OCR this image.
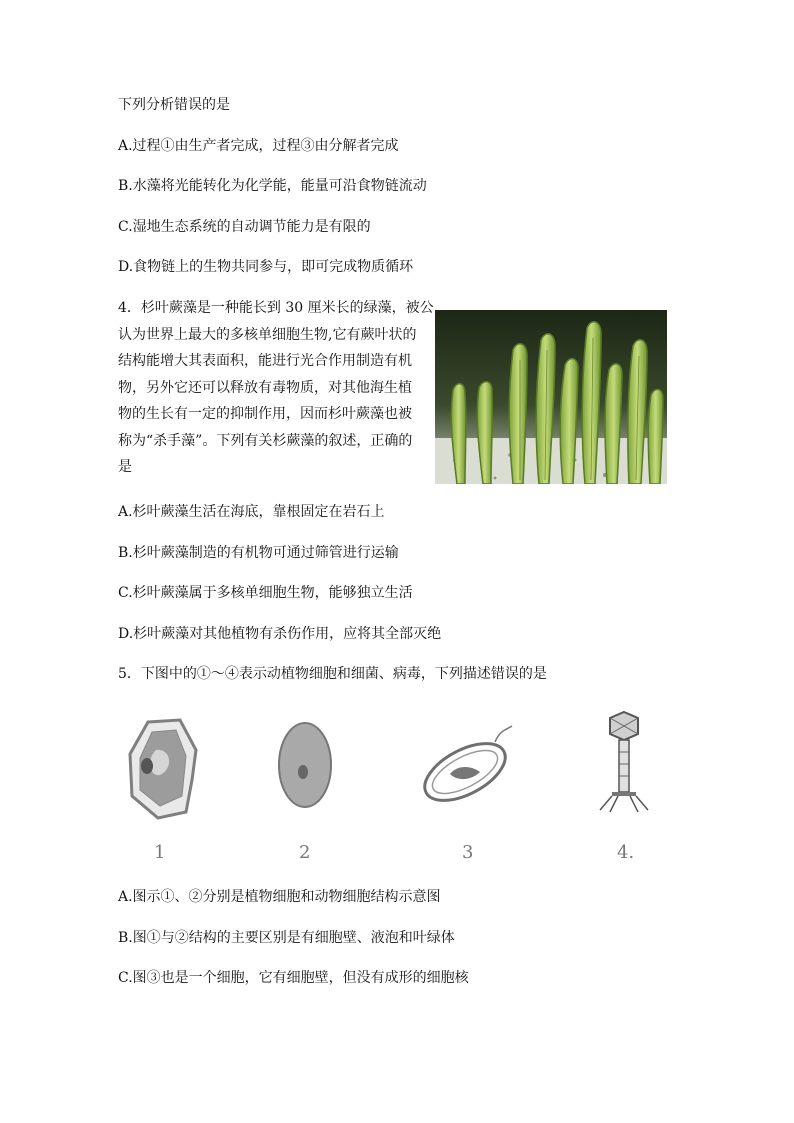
下列分析错误的是
A.过程①由生产者完成，过程③由分解者完成
B.水藻将光能转化为化学能，能量可沿食物链流动
C.湿地生态系统的自动调节能力是有限的
D.食物链上的生物共同参与，即可完成物质循环
4．杉叶蕨藻是一种能长到 30 厘米长的绿藻，被公
认为世界上最大的多核单细胞生物,它有蕨叶状的
结构能增大其表面积，能进行光合作用制造有机
物，另外它还可以释放有毒物质，对其他海生植
物的生长有一定的抑制作用，因而杉叶蕨藻也被
称为“杀手藻”。下列有关杉蕨藻的叙述，正确的
是
A.杉叶蕨藻生活在海底，靠根固定在岩石上
B.杉叶蕨藻制造的有机物可通过筛管进行运输
C.杉叶蕨藻属于多核单细胞生物，能够独立生活
D.杉叶蕨藻对其他植物有杀伤作用，应将其全部灭绝
5．下图中的①～④表示动植物细胞和细菌、病毒，下列描述错误的是
1	2	3	4.
A.图示①、②分别是植物细胞和动物细胞结构示意图
B.图①与②结构的主要区别是有细胞壁、液泡和叶绿体
C.图③也是一个细胞，它有细胞壁，但没有成形的细胞核
